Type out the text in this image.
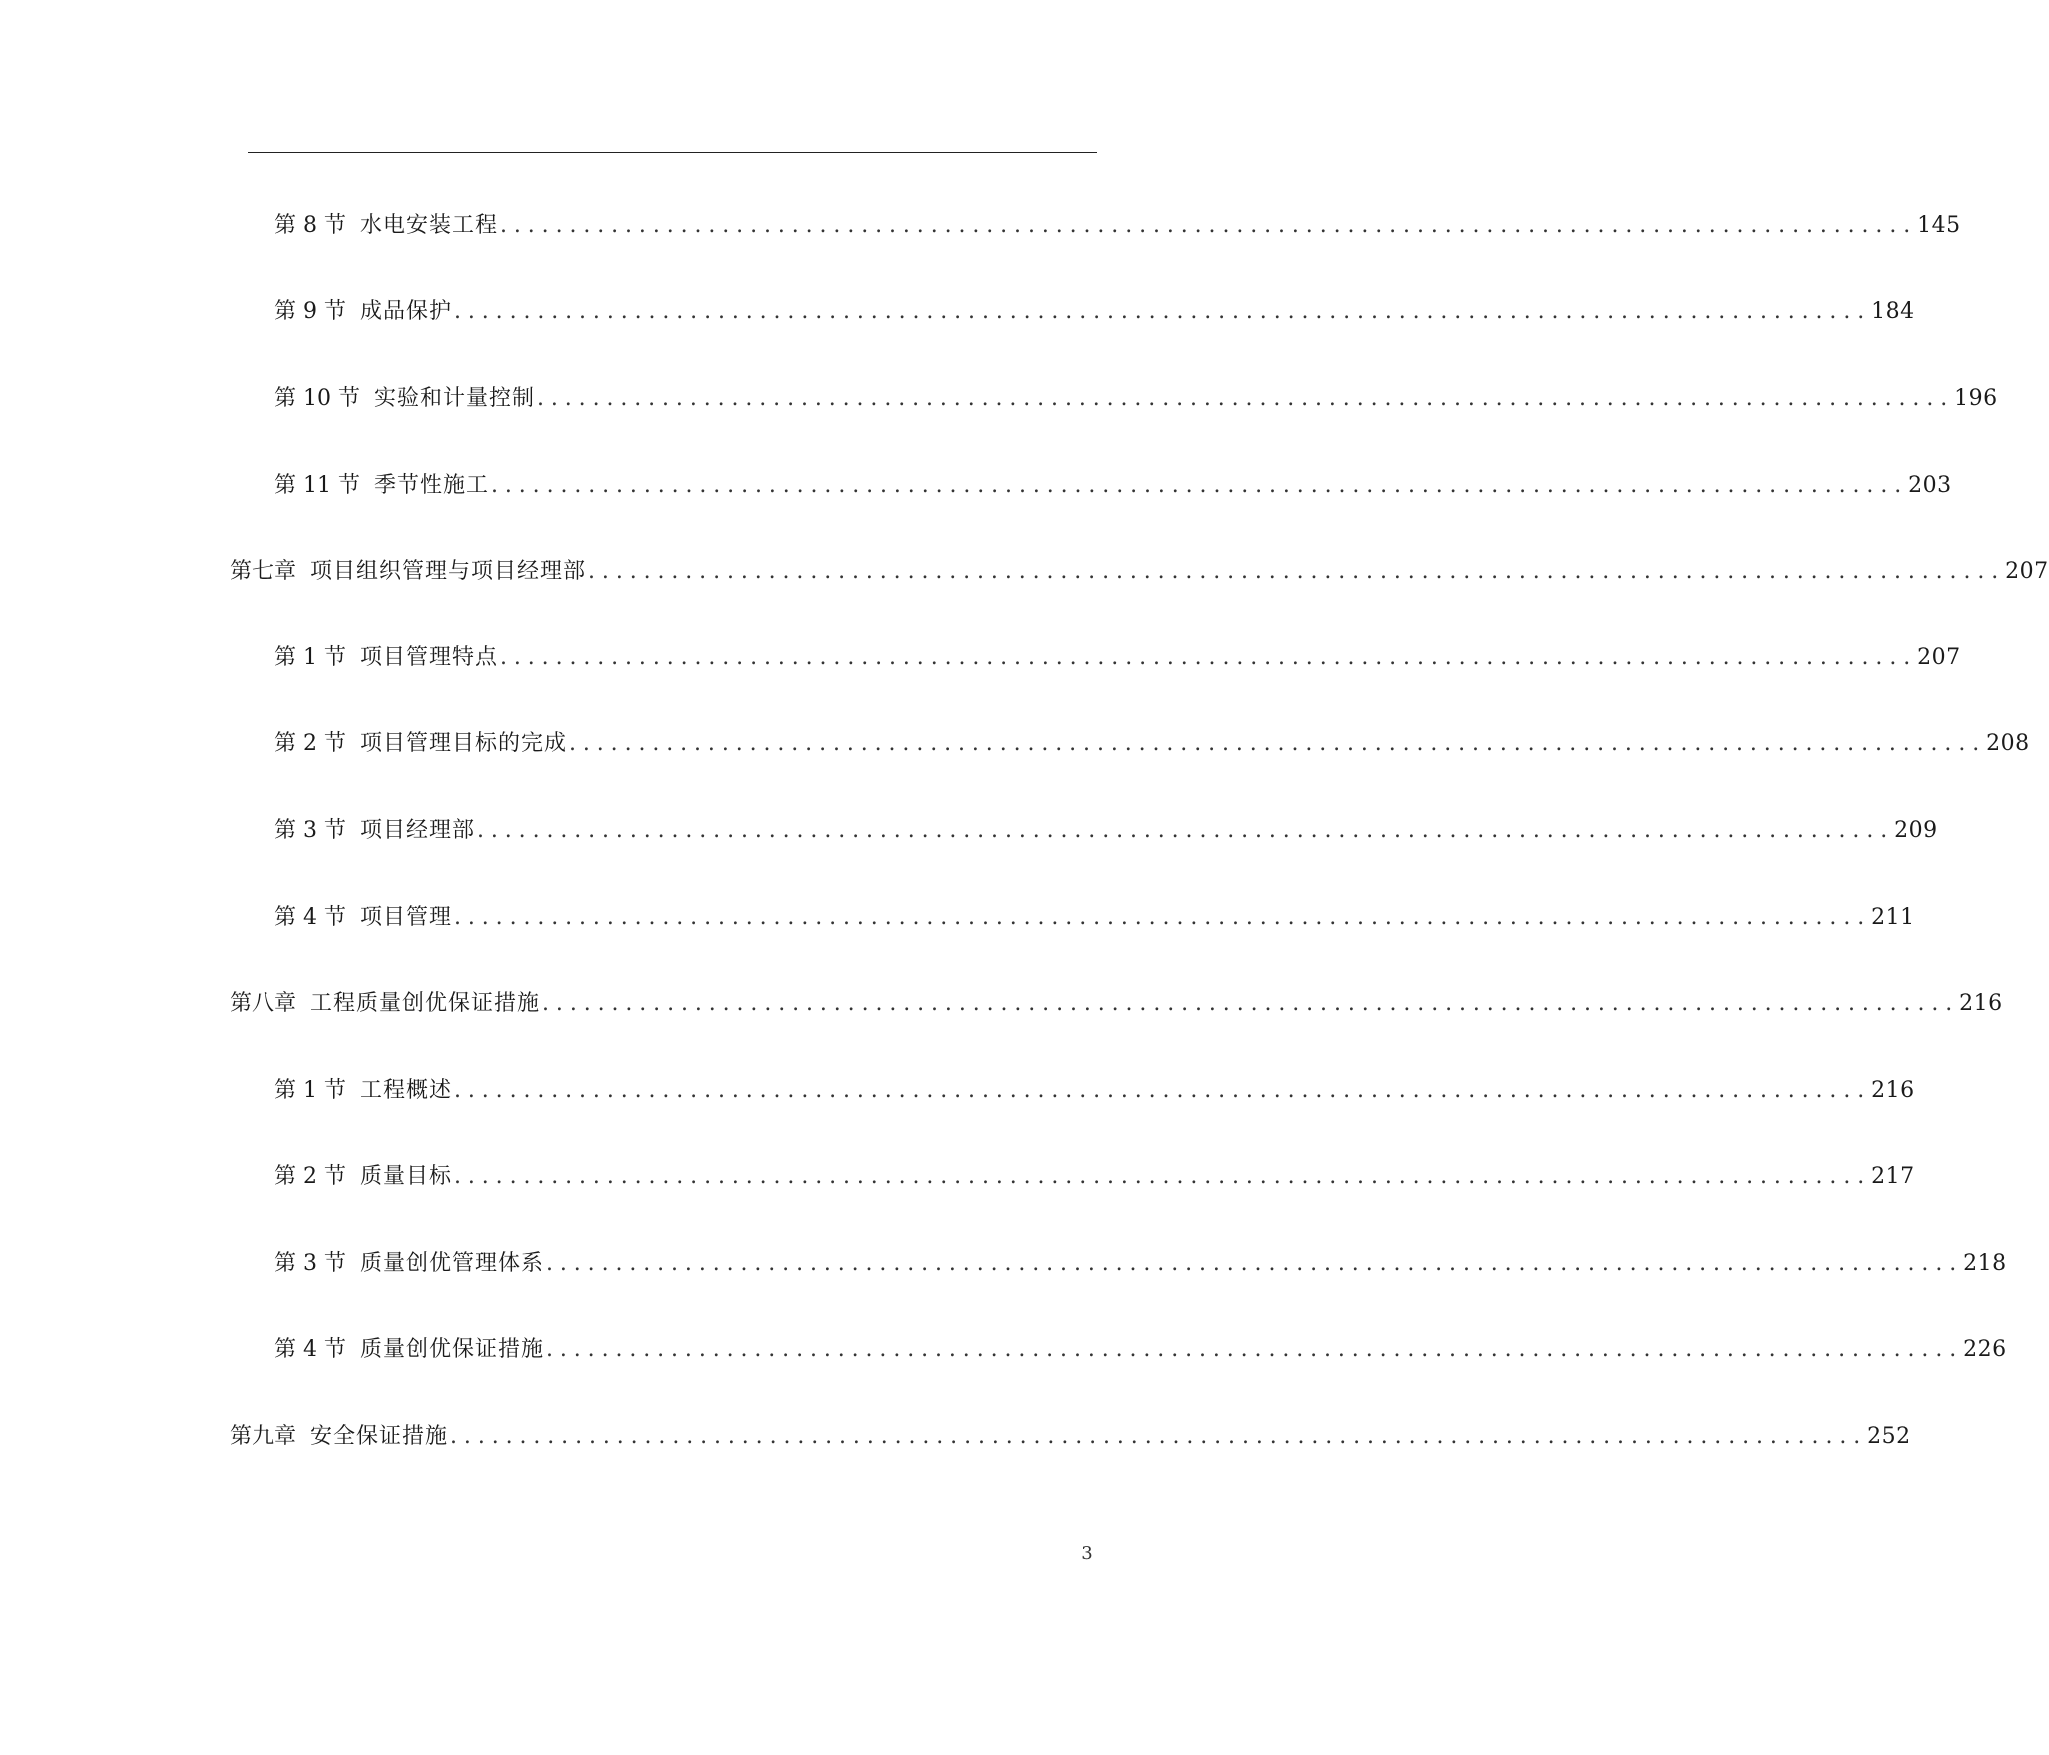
第 8 节 水电安装工程 ...................................................................................................... 145
第 9 节 成品保护 ...................................................................................................... 184
第 10 节 实验和计量控制 ...................................................................................................... 196
第 11 节 季节性施工 ...................................................................................................... 203
第七章 项目组织管理与项目经理部 ...................................................................................................... 207
第 1 节 项目管理特点 ...................................................................................................... 207
第 2 节 项目管理目标的完成 ...................................................................................................... 208
第 3 节 项目经理部 ...................................................................................................... 209
第 4 节 项目管理 ...................................................................................................... 211
第八章 工程质量创优保证措施 ...................................................................................................... 216
第 1 节 工程概述 ...................................................................................................... 216
第 2 节 质量目标 ...................................................................................................... 217
第 3 节 质量创优管理体系 ...................................................................................................... 218
第 4 节 质量创优保证措施 ...................................................................................................... 226
第九章 安全保证措施 ...................................................................................................... 252
3
